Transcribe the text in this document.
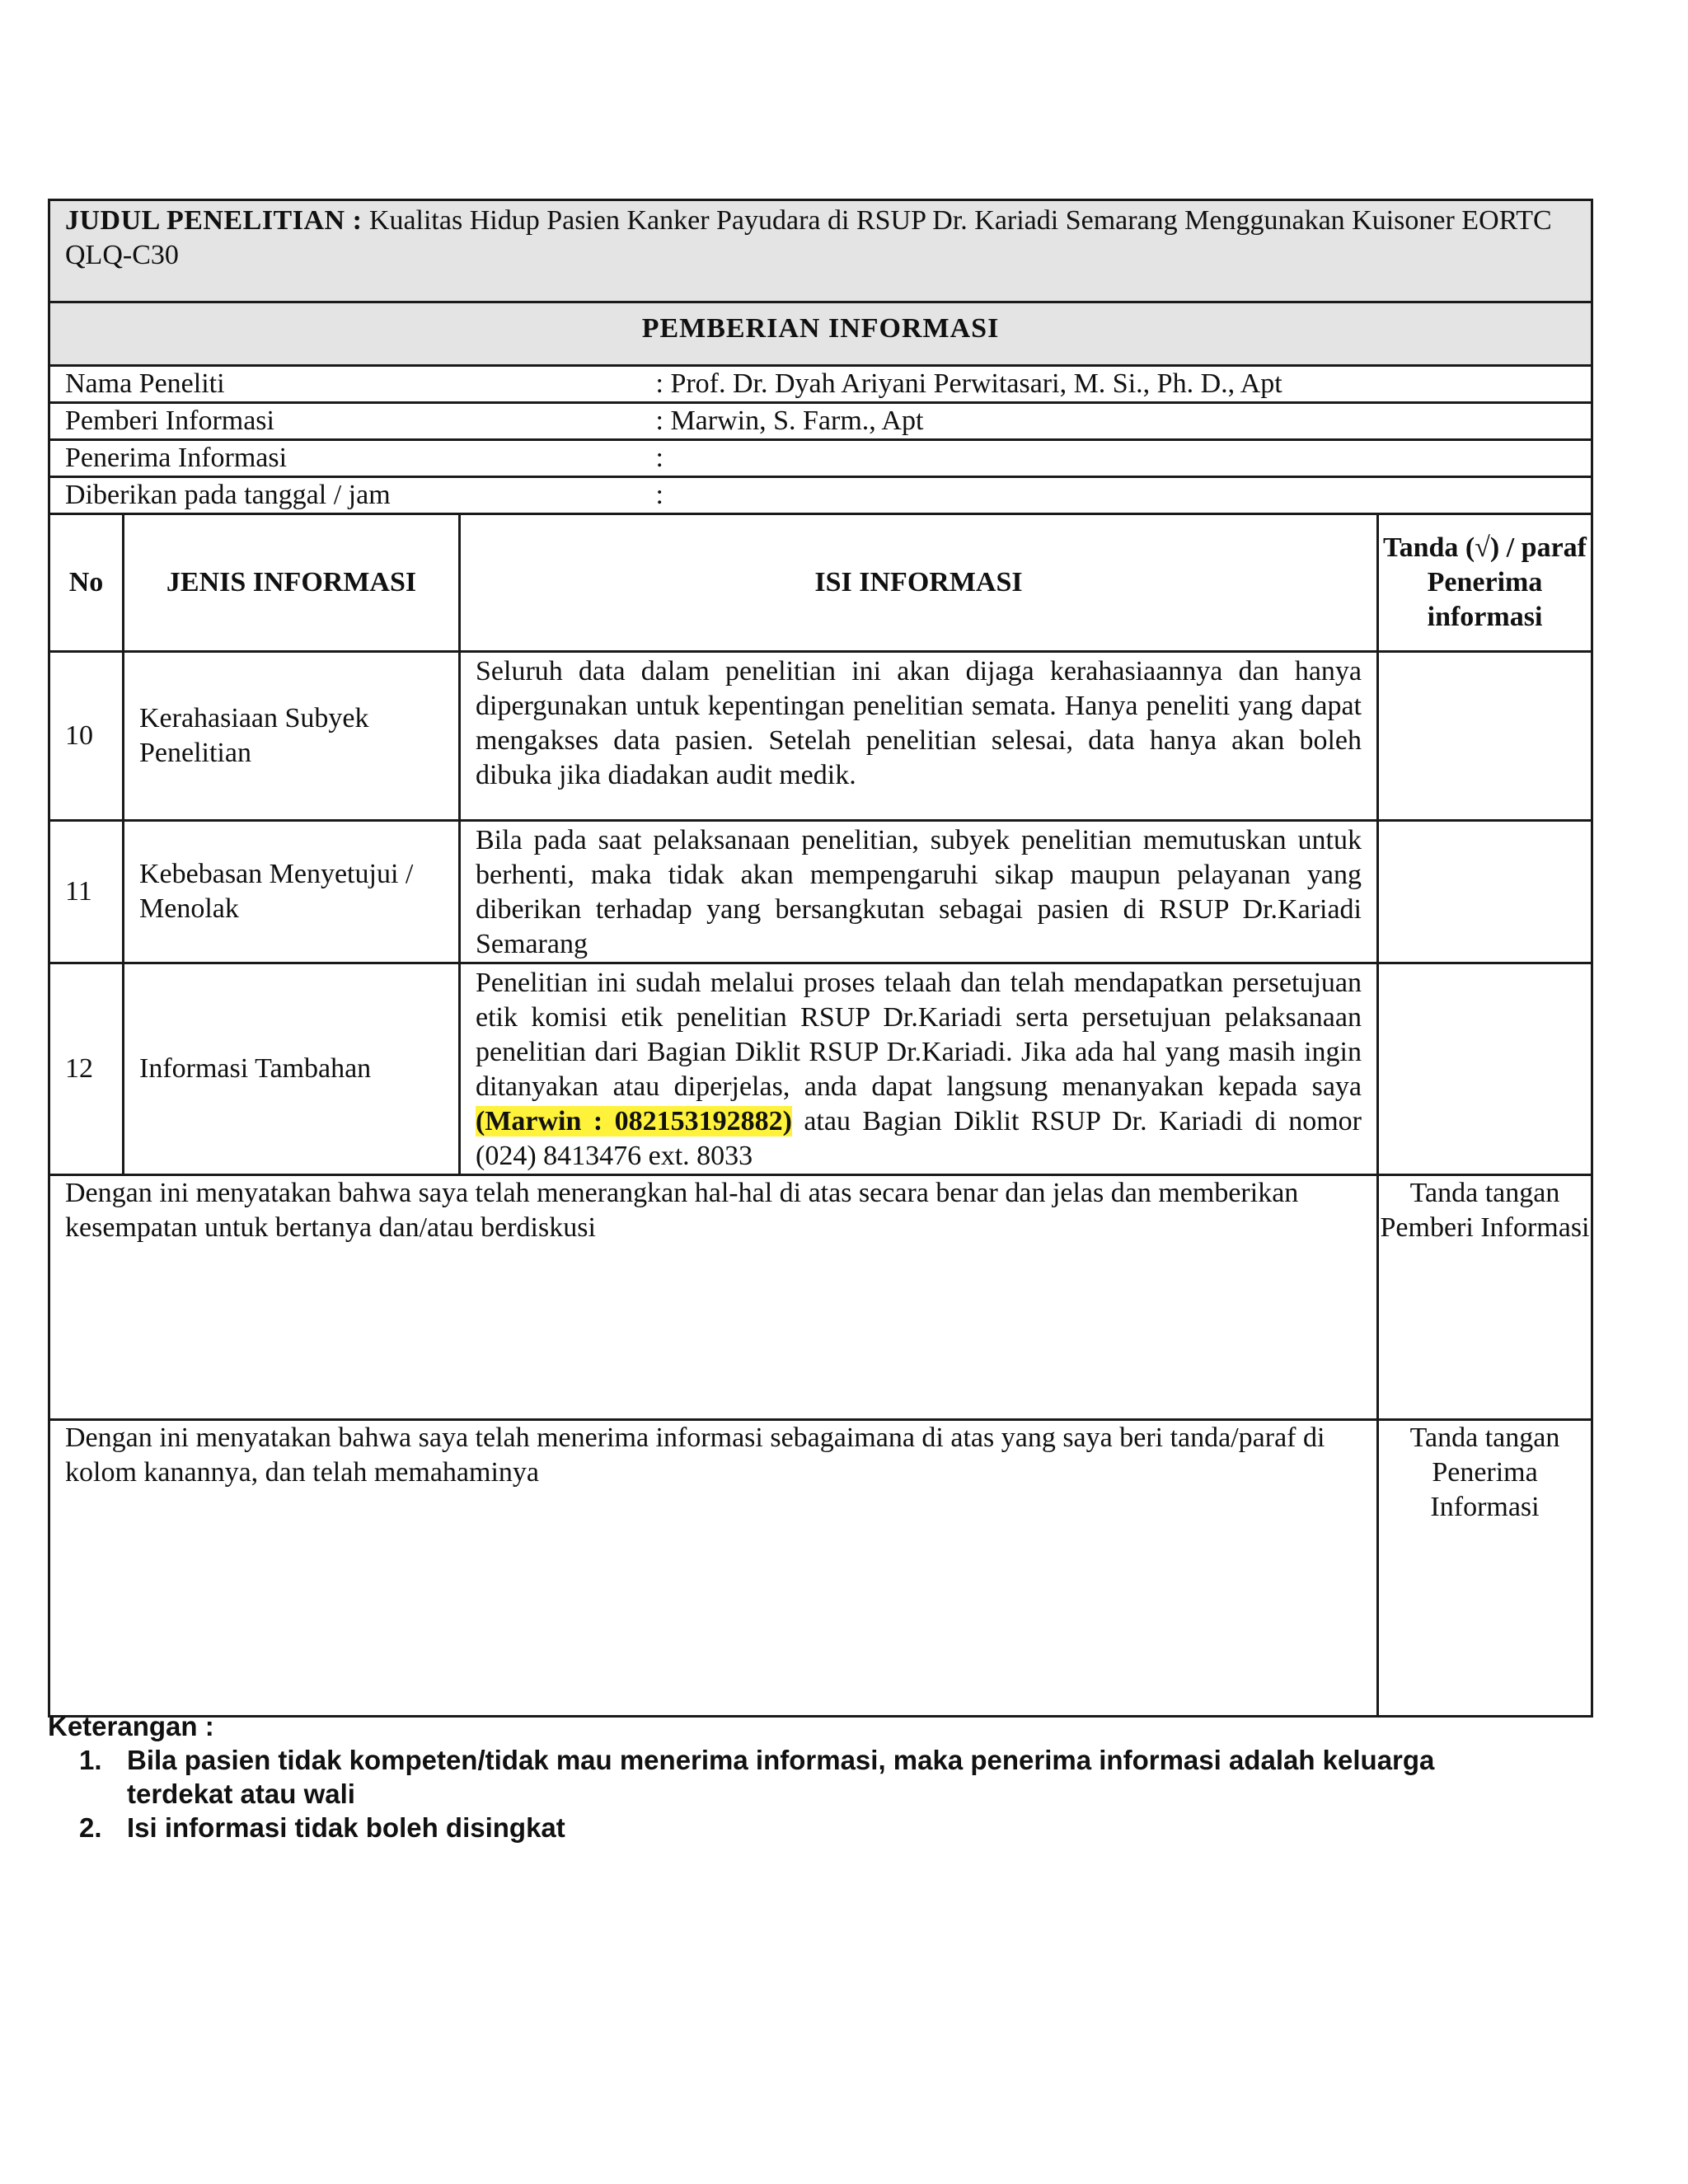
JUDUL PENELITIAN : Kualitas Hidup Pasien Kanker Payudara di RSUP Dr. Kariadi Semarang Menggunakan Kuisoner EORTC QLQ-C30			
PEMBERIAN INFORMASI			
Nama Peneliti		: Prof. Dr. Dyah Ariyani Perwitasari, M. Si., Ph. D., Apt	
Pemberi Informasi		: Marwin, S. Farm., Apt	
Penerima Informasi		:	
Diberikan pada tanggal / jam		:	
No	JENIS INFORMASI	ISI INFORMASI	Tanda (√) / paraf Penerima informasi
10	Kerahasiaan Subyek Penelitian	Seluruh data dalam penelitian ini akan dijaga kerahasiaannya dan hanya dipergunakan untuk kepentingan penelitian semata. Hanya peneliti yang dapat mengakses data pasien. Setelah penelitian selesai, data hanya akan boleh dibuka jika diadakan audit medik.	
11	Kebebasan Menyetujui / Menolak	Bila pada saat pelaksanaan penelitian, subyek penelitian memutuskan untuk berhenti, maka tidak akan mempengaruhi sikap maupun pelayanan yang diberikan terhadap yang bersangkutan sebagai pasien di RSUP Dr.Kariadi Semarang	
12	Informasi Tambahan	Penelitian ini sudah melalui proses telaah dan telah mendapatkan persetujuan etik komisi etik penelitian RSUP Dr.Kariadi serta persetujuan pelaksanaan penelitian dari Bagian Diklit RSUP Dr.Kariadi. Jika ada hal yang masih ingin ditanyakan atau diperjelas, anda dapat langsung menanyakan kepada saya (Marwin : 082153192882) atau Bagian Diklit RSUP Dr. Kariadi di nomor (024) 8413476 ext. 8033	
Dengan ini menyatakan bahwa saya telah menerangkan hal-hal di atas secara benar dan jelas dan memberikan kesempatan untuk bertanya dan/atau berdiskusi			Tanda tangan Pemberi Informasi
Dengan ini menyatakan bahwa saya telah menerima informasi sebagaimana di atas yang saya beri tanda/paraf di kolom kanannya, dan telah memahaminya			Tanda tangan Penerima Informasi
Keterangan :
1. Bila pasien tidak kompeten/tidak mau menerima informasi, maka penerima informasi adalah keluarga terdekat atau wali
2. Isi informasi tidak boleh disingkat
